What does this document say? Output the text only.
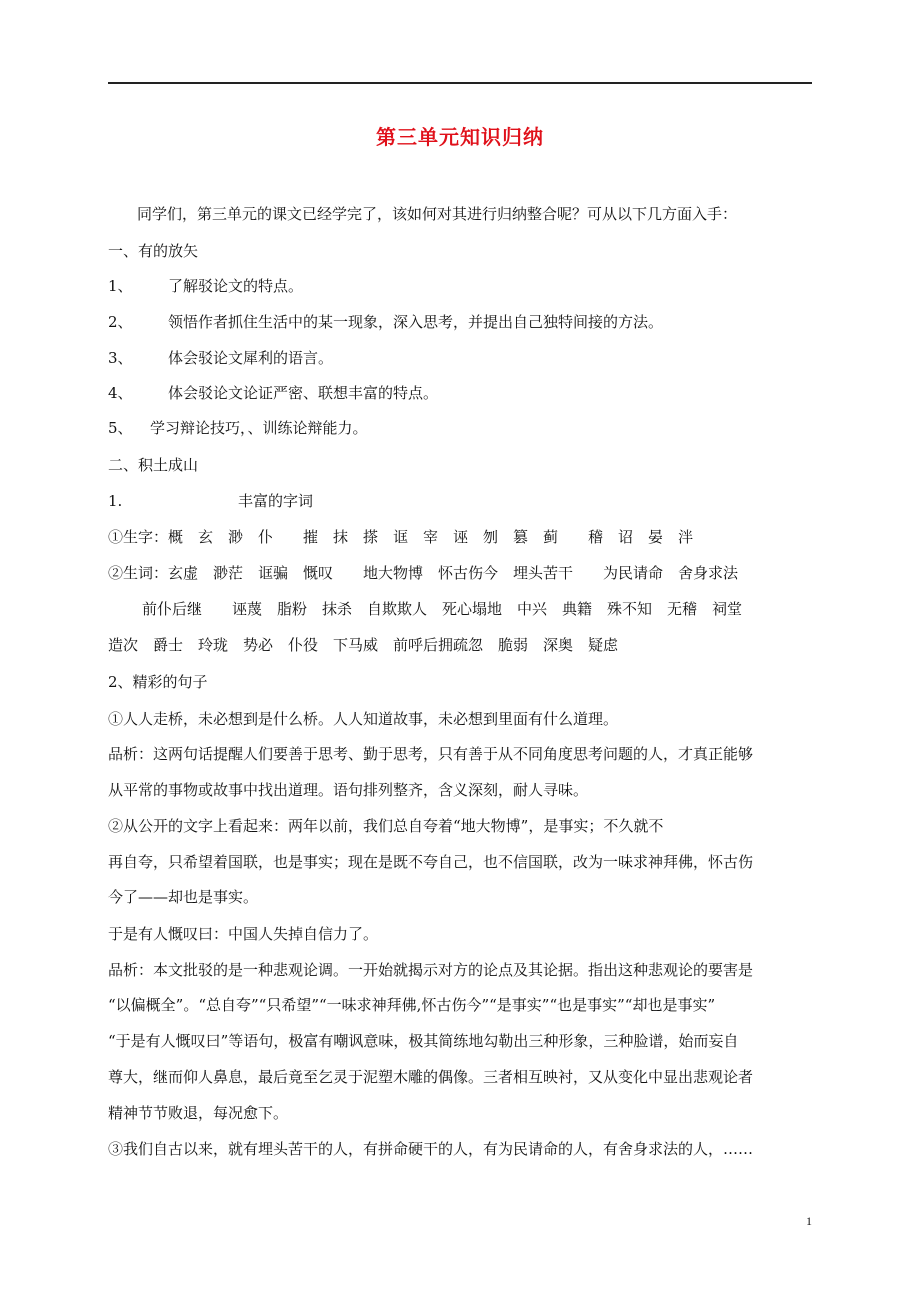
第三单元知识归纳
同学们，第三单元的课文已经学完了，该如何对其进行归纳整合呢？可从以下几方面入手：
一、有的放矢
1、 了解驳论文的特点。
2、 领悟作者抓住生活中的某一现象，深入思考，并提出自己独特间接的方法。
3、 体会驳论文犀利的语言。
4、 体会驳论文论证严密、联想丰富的特点。
5、 学习辩论技巧，、训练论辩能力。
二、积土成山
1.	丰富的字词
①生字：概　玄　渺　仆　　摧　抹　搽　诓　宰　诬　刎　篡　蓟　　稽　诏　晏　泮
②生词：玄虚　渺茫　诓骗　慨叹　　地大物博　怀古伤今　埋头苦干　　为民请命　舍身求法
前仆后继　　诬蔑　脂粉　抹杀　自欺欺人　死心塌地　中兴　典籍　殊不知　无稽　祠堂
造次　爵士　玲珑　势必　仆役　下马威　前呼后拥疏忽　脆弱　深奥　疑虑
2、精彩的句子
①人人走桥，未必想到是什么桥。人人知道故事，未必想到里面有什么道理。
品析：这两句话提醒人们要善于思考、勤于思考，只有善于从不同角度思考问题的人，才真正能够
从平常的事物或故事中找出道理。语句排列整齐，含义深刻，耐人寻味。
②从公开的文字上看起来：两年以前，我们总自夸着“地大物博”，是事实；不久就不
再自夸，只希望着国联，也是事实；现在是既不夸自己，也不信国联，改为一味求神拜佛，怀古伤
今了——却也是事实。
于是有人慨叹曰：中国人失掉自信力了。
品析：本文批驳的是一种悲观论调。一开始就揭示对方的论点及其论据。指出这种悲观论的要害是
“以偏概全”。“总自夸”“只希望”“一味求神拜佛,怀古伤今”“是事实”“也是事实”“却也是事实”
“于是有人慨叹曰”等语句，极富有嘲讽意味，极其简练地勾勒出三种形象，三种脸谱，始而妄自
尊大，继而仰人鼻息，最后竟至乞灵于泥塑木雕的偶像。三者相互映衬，又从变化中显出悲观论者
精神节节败退，每况愈下。
③我们自古以来，就有埋头苦干的人，有拼命硬干的人，有为民请命的人，有舍身求法的人，……
1
